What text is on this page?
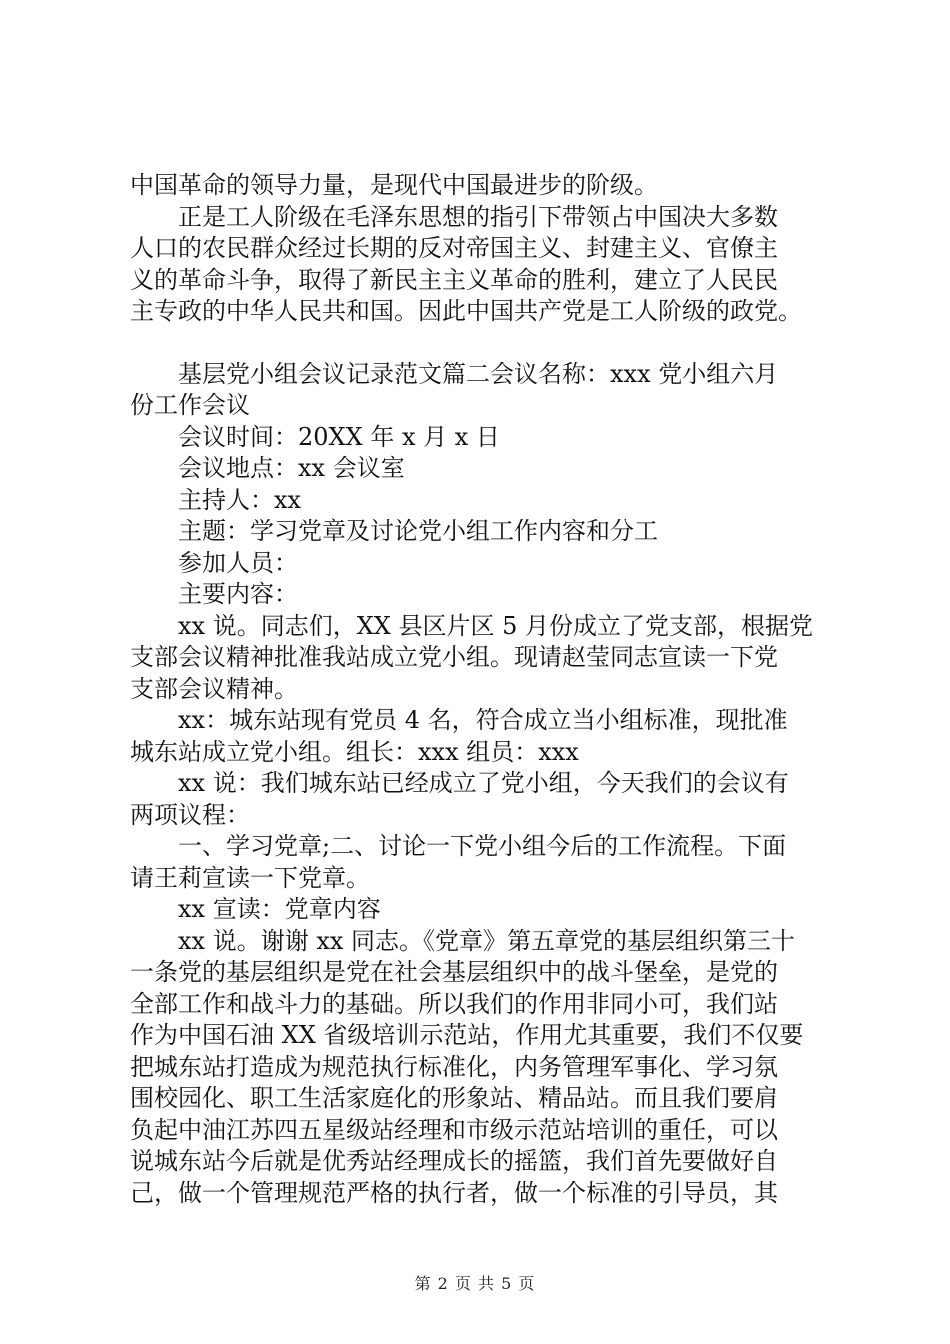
中国革命的领导力量，是现代中国最进步的阶级。
正是工人阶级在毛泽东思想的指引下带领占中国决大多数
人口的农民群众经过长期的反对帝国主义、封建主义、官僚主
义的革命斗争，取得了新民主主义革命的胜利，建立了人民民
主专政的中华人民共和国。因此中国共产党是工人阶级的政党。
基层党小组会议记录范文篇二会议名称：xxx 党小组六月
份工作会议
会议时间：20XX 年 x 月 x 日
会议地点：xx 会议室
主持人：xx
主题：学习党章及讨论党小组工作内容和分工
参加人员：
主要内容：
xx 说。同志们，XX 县区片区 5 月份成立了党支部，根据党
支部会议精神批准我站成立党小组。现请赵莹同志宣读一下党
支部会议精神。
xx：城东站现有党员 4 名，符合成立当小组标准，现批准
城东站成立党小组。组长：xxx 组员：xxx
xx 说：我们城东站已经成立了党小组，今天我们的会议有
两项议程：
一、学习党章;二、讨论一下党小组今后的工作流程。下面
请王莉宣读一下党章。
xx 宣读：党章内容
xx 说。谢谢 xx 同志。《党章》第五章党的基层组织第三十
一条党的基层组织是党在社会基层组织中的战斗堡垒，是党的
全部工作和战斗力的基础。所以我们的作用非同小可，我们站
作为中国石油 XX 省级培训示范站，作用尤其重要，我们不仅要
把城东站打造成为规范执行标准化，内务管理军事化、学习氛
围校园化、职工生活家庭化的形象站、精品站。而且我们要肩
负起中油江苏四五星级站经理和市级示范站培训的重任，可以
说城东站今后就是优秀站经理成长的摇篮，我们首先要做好自
己，做一个管理规范严格的执行者，做一个标准的引导员，其
第 2 页 共 5 页
